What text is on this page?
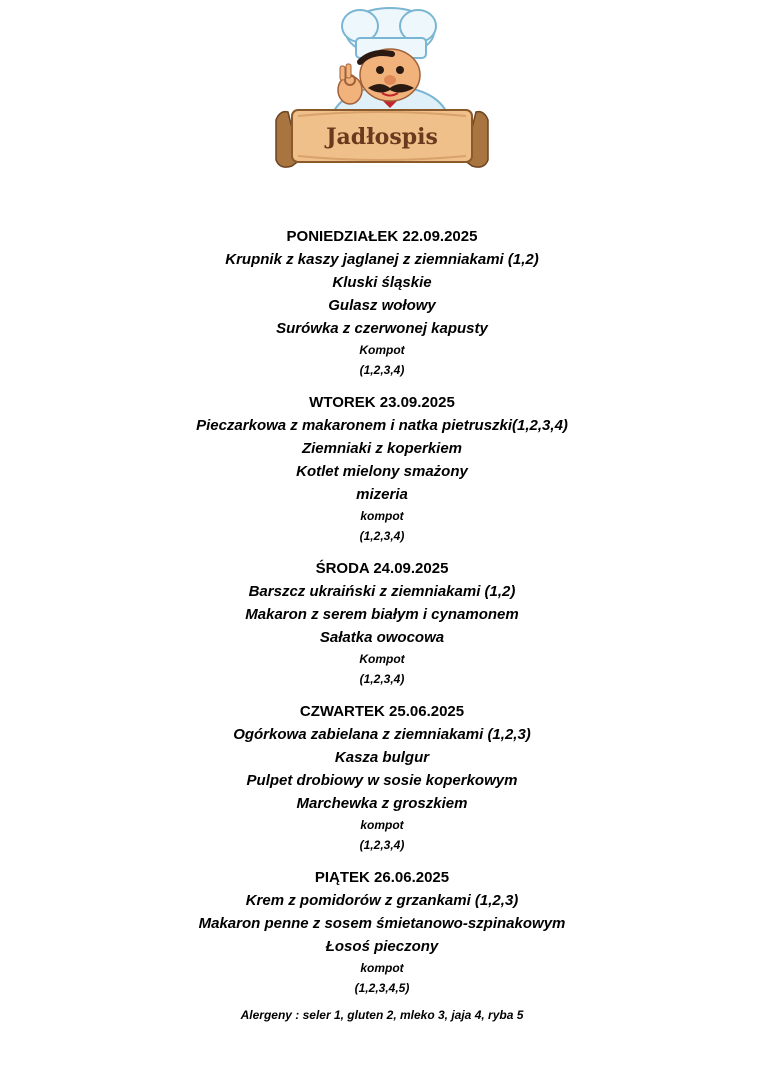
Jadłospis
PONIEDZIAŁEK 22.09.2025
Krupnik z kaszy jaglanej z ziemniakami (1,2)
Kluski śląskie
Gulasz wołowy
Surówka z czerwonej kapusty
Kompot
(1,2,3,4)
WTOREK 23.09.2025
Pieczarkowa z makaronem i natka pietruszki(1,2,3,4)
Ziemniaki z koperkiem
Kotlet mielony smażony
mizeria
kompot
(1,2,3,4)
ŚRODA 24.09.2025
Barszcz ukraiński z ziemniakami (1,2)
Makaron z serem białym i cynamonem
Sałatka owocowa
Kompot
(1,2,3,4)
CZWARTEK 25.06.2025
Ogórkowa zabielana z ziemniakami (1,2,3)
Kasza bulgur
Pulpet drobiowy w sosie koperkowym
Marchewka z groszkiem
kompot
(1,2,3,4)
PIĄTEK 26.06.2025
Krem z pomidorów z grzankami (1,2,3)
Makaron penne z sosem śmietanowo-szpinakowym
Łosoś pieczony
kompot
(1,2,3,4,5)
Alergeny : seler 1, gluten 2, mleko 3, jaja 4, ryba 5
